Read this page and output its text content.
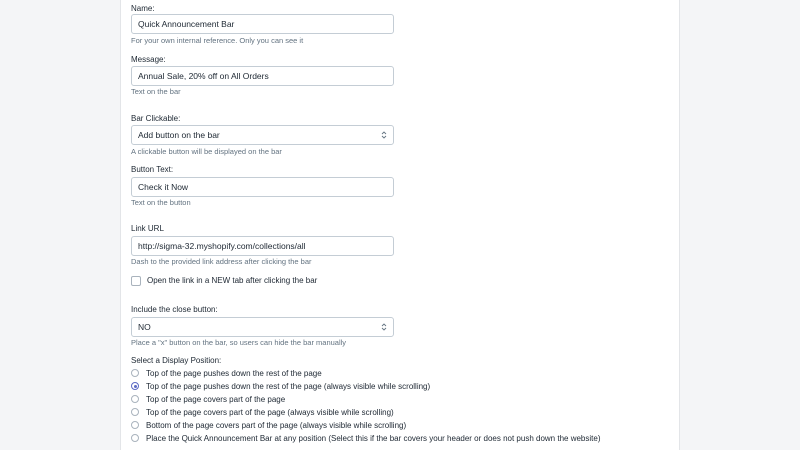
Name:
Quick Announcement Bar
For your own internal reference. Only you can see it
Message:
Annual Sale, 20% off on All Orders
Text on the bar
Bar Clickable:
Add button on the bar
A clickable button will be displayed on the bar
Button Text:
Check it Now
Text on the button
Link URL
http://sigma-32.myshopify.com/collections/all
Dash to the provided link address after clicking the bar
Open the link in a NEW tab after clicking the bar
Include the close button:
NO
Place a "x" button on the bar, so users can hide the bar manually
Select a Display Position:
Top of the page pushes down the rest of the page
Top of the page pushes down the rest of the page (always visible while scrolling)
Top of the page covers part of the page
Top of the page covers part of the page (always visible while scrolling)
Bottom of the page covers part of the page (always visible while scrolling)
Place the Quick Announcement Bar at any position (Select this if the bar covers your header or does not push down the website)
